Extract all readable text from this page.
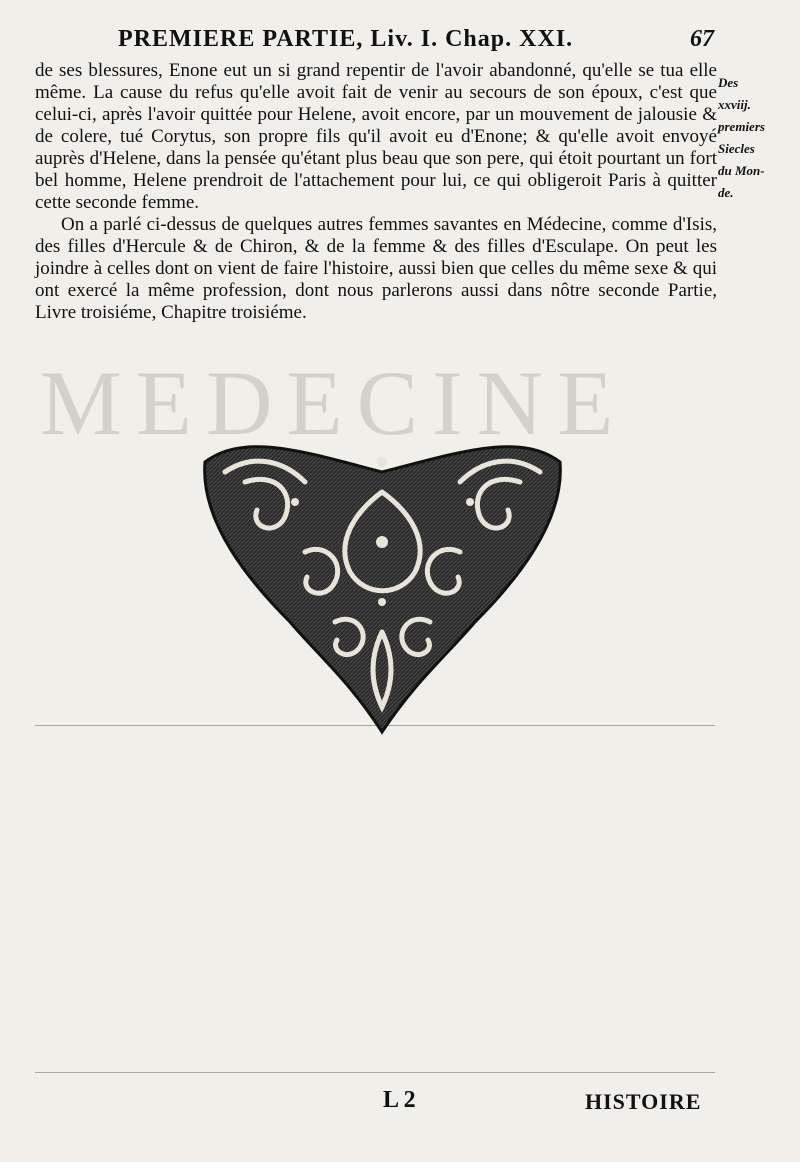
MEDECINE

PREMIERE PARTIE, Liv. I. Chap. XXI.	67

de ses blessures, Enone eut un si grand repentir de l'avoir abandonné, qu'elle se tua elle même. La cause du refus qu'elle avoit fait de venir au secours de son époux, c'est que celui-ci, après l'avoir quittée pour Helene, avoit encore, par un mouvement de jalousie & de colere, tué Corytus, son propre fils qu'il avoit eu d'Enone; & qu'elle avoit envoyé auprès d'Helene, dans la pensée qu'étant plus beau que son pere, qui étoit pourtant un fort bel homme, Helene prendroit de l'attachement pour lui, ce qui obligeroit Paris à quitter cette seconde femme.

On a parlé ci-dessus de quelques autres femmes savantes en Médecine, comme d'Isis, des filles d'Hercule & de Chiron, & de la femme & des filles d'Esculape. On peut les joindre à celles dont on vient de faire l'histoire, aussi bien que celles du même sexe & qui ont exercé la même profession, dont nous parlerons aussi dans nôtre seconde Partie, Livre troisiéme, Chapitre troisiéme.

Des
xxviij.
premiers
Siecles
du Mon-
de.
L 2	HISTOIRE
